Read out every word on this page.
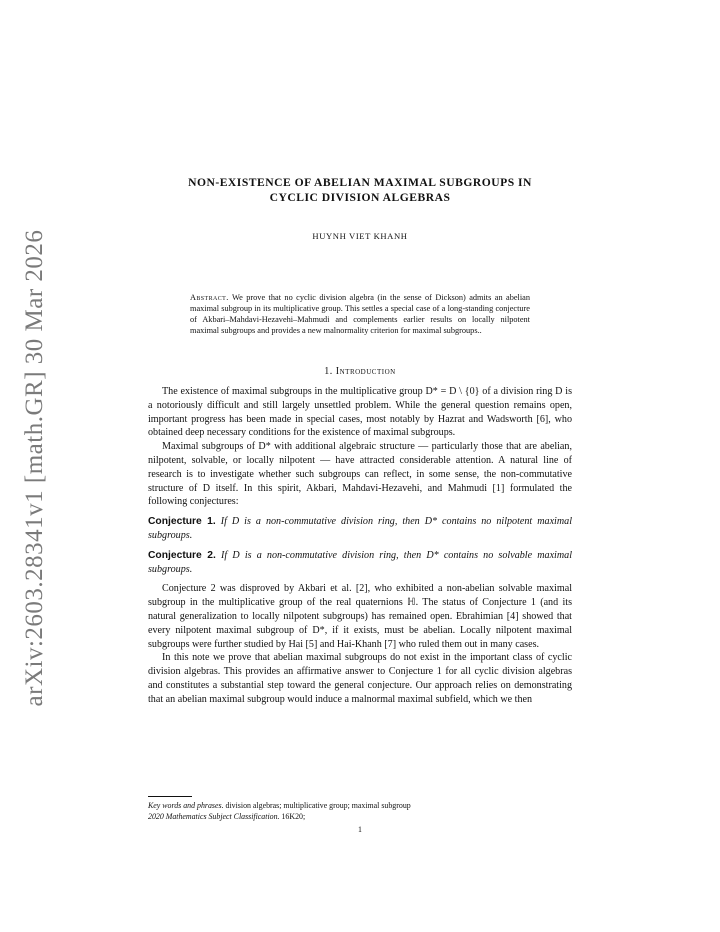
arXiv:2603.28341v1 [math.GR] 30 Mar 2026
NON-EXISTENCE OF ABELIAN MAXIMAL SUBGROUPS IN
CYCLIC DIVISION ALGEBRAS
HUYNH VIET KHANH

Abstract. We prove that no cyclic division algebra (in the sense of Dickson) admits an abelian maximal subgroup in its multiplicative group. This settles a special case of a long-standing conjecture of Akbari–Mahdavi-Hezavehi–Mahmudi and complements earlier results on locally nilpotent maximal subgroups and provides a new malnormality criterion for maximal subgroups..

1. Introduction

The existence of maximal subgroups in the multiplicative group D* = D \ {0} of a division ring D is a notoriously difficult and still largely unsettled problem. While the general question remains open, important progress has been made in special cases, most notably by Hazrat and Wadsworth [6], who obtained deep necessary conditions for the existence of maximal subgroups.

Maximal subgroups of D* with additional algebraic structure — particularly those that are abelian, nilpotent, solvable, or locally nilpotent — have attracted considerable attention. A natural line of research is to investigate whether such subgroups can reflect, in some sense, the non-commutative structure of D itself. In this spirit, Akbari, Mahdavi-Hezavehi, and Mahmudi [1] formulated the following conjectures:

Conjecture 1. If D is a non-commutative division ring, then D* contains no nilpotent maximal subgroups.

Conjecture 2. If D is a non-commutative division ring, then D* contains no solvable maximal subgroups.

Conjecture 2 was disproved by Akbari et al. [2], who exhibited a non-abelian solvable maximal subgroup in the multiplicative group of the real quaternions ℍ. The status of Conjecture 1 (and its natural generalization to locally nilpotent subgroups) has remained open. Ebrahimian [4] showed that every nilpotent maximal subgroup of D*, if it exists, must be abelian. Locally nilpotent maximal subgroups were further studied by Hai [5] and Hai-Khanh [7] who ruled them out in many cases.

In this note we prove that abelian maximal subgroups do not exist in the important class of cyclic division algebras. This provides an affirmative answer to Conjecture 1 for all cyclic division algebras and constitutes a substantial step toward the general conjecture. Our approach relies on demonstrating that an abelian maximal subgroup would induce a malnormal maximal subfield, which we then

Key words and phrases. division algebras; multiplicative group; maximal subgroup
2020 Mathematics Subject Classification. 16K20;
1
